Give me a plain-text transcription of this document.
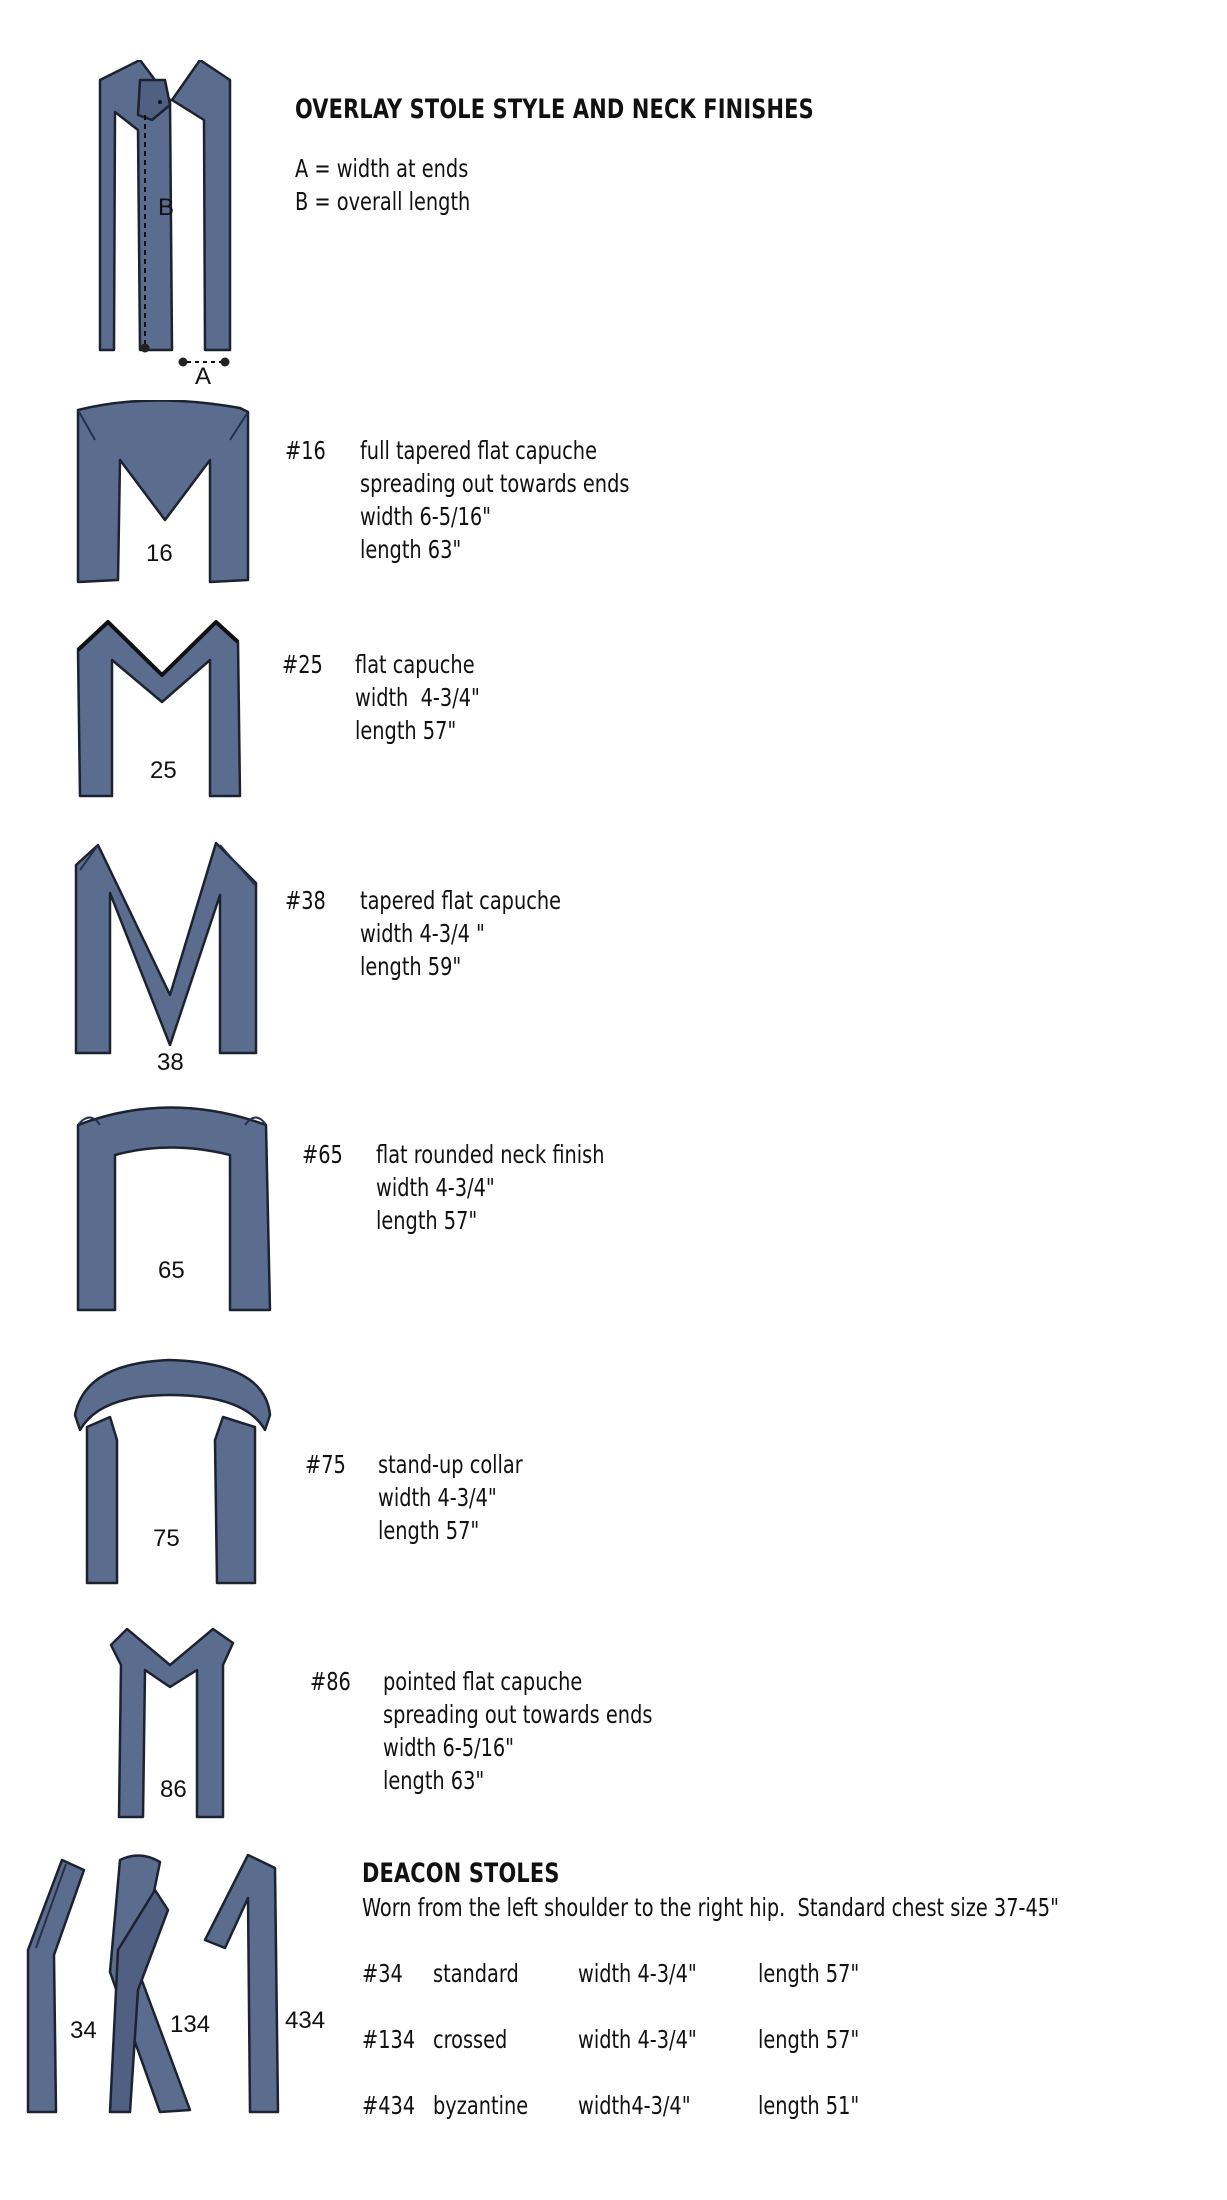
B
A
OVERLAY STOLE STYLE AND NECK FINISHES
A = width at ends
B = overall length
16
#16 full tapered flat capuche
spreading out towards ends
width 6-5/16"
length 63"
25
#25 flat capuche
width  4-3/4"
length 57"
38
#38 tapered flat capuche
width 4-3/4 "
length 59"
65
#65 flat rounded neck finish
width 4-3/4"
length 57"
75
#75 stand-up collar
width 4-3/4"
length 57"
86
#86 pointed flat capuche
spreading out towards ends
width 6-5/16"
length 63"
34	134	434
DEACON STOLES
Worn from the left shoulder to the right hip.  Standard chest size 37-45"
#34 standard width 4-3/4" length 57"
#134 crossed	width 4-3/4" length 57"
#434 byzantine width4-3/4"	length 51"
